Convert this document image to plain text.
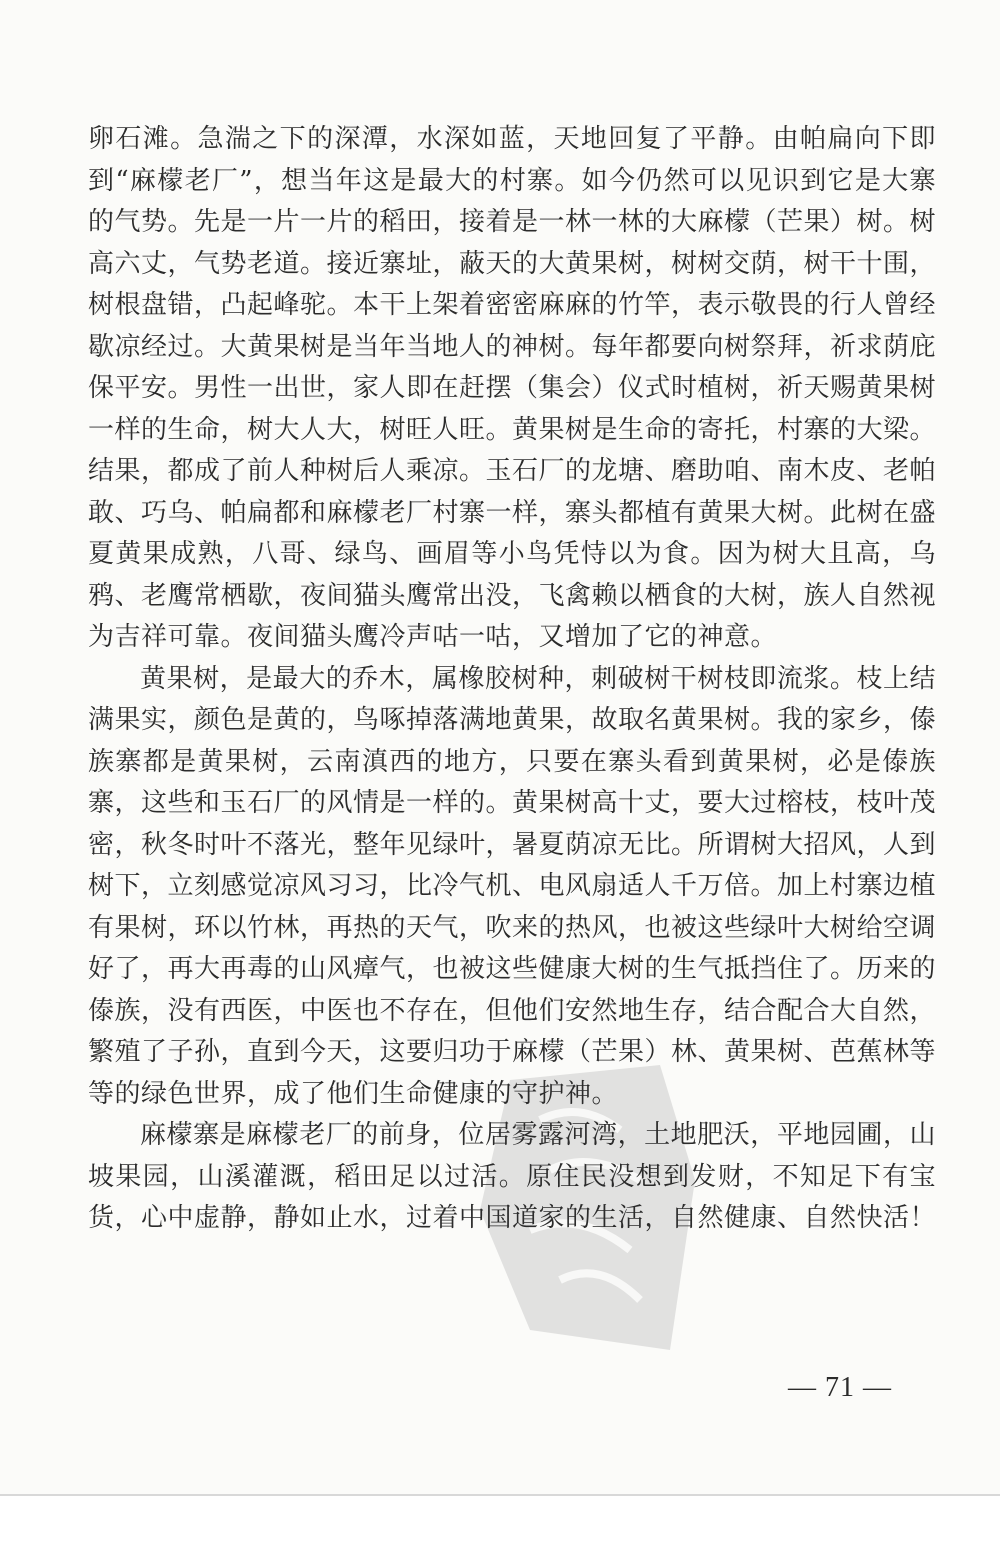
卵石滩。急湍之下的深潭，水深如蓝，天地回复了平静。由帕扁向下即到“麻檬老厂”，想当年这是最大的村寨。如今仍然可以见识到它是大寨的气势。先是一片一片的稻田，接着是一林一林的大麻檬（芒果）树。树高六丈，气势老道。接近寨址，蔽天的大黄果树，树树交荫，树干十围，树根盘错，凸起峰驼。本干上架着密密麻麻的竹竿，表示敬畏的行人曾经歇凉经过。大黄果树是当年当地人的神树。每年都要向树祭拜，祈求荫庇保平安。男性一出世，家人即在赶摆（集会）仪式时植树，祈天赐黄果树一样的生命，树大人大，树旺人旺。黄果树是生命的寄托，村寨的大梁。结果，都成了前人种树后人乘凉。玉石厂的龙塘、磨助咱、南木皮、老帕敢、巧乌、帕扁都和麻檬老厂村寨一样，寨头都植有黄果大树。此树在盛夏黄果成熟，八哥、绿鸟、画眉等小鸟凭恃以为食。因为树大且高，乌鸦、老鹰常栖歇，夜间猫头鹰常出没，飞禽赖以栖食的大树，族人自然视为吉祥可靠。夜间猫头鹰冷声咕一咕，又增加了它的神意。

黄果树，是最大的乔木，属橡胶树种，刺破树干树枝即流浆。枝上结满果实，颜色是黄的，鸟啄掉落满地黄果，故取名黄果树。我的家乡，傣族寨都是黄果树，云南滇西的地方，只要在寨头看到黄果树，必是傣族寨，这些和玉石厂的风情是一样的。黄果树高十丈，要大过榕枝，枝叶茂密，秋冬时叶不落光，整年见绿叶，暑夏荫凉无比。所谓树大招风，人到树下，立刻感觉凉风习习，比冷气机、电风扇适人千万倍。加上村寨边植有果树，环以竹林，再热的天气，吹来的热风，也被这些绿叶大树给空调好了，再大再毒的山风瘴气，也被这些健康大树的生气抵挡住了。历来的傣族，没有西医，中医也不存在，但他们安然地生存，结合配合大自然，繁殖了子孙，直到今天，这要归功于麻檬（芒果）林、黄果树、芭蕉林等等的绿色世界，成了他们生命健康的守护神。

麻檬寨是麻檬老厂的前身，位居雾露河湾，土地肥沃，平地园圃，山坡果园，山溪灌溉，稻田足以过活。原住民没想到发财，不知足下有宝货，心中虚静，静如止水，过着中国道家的生活，自然健康、自然快活！

— 71 —
